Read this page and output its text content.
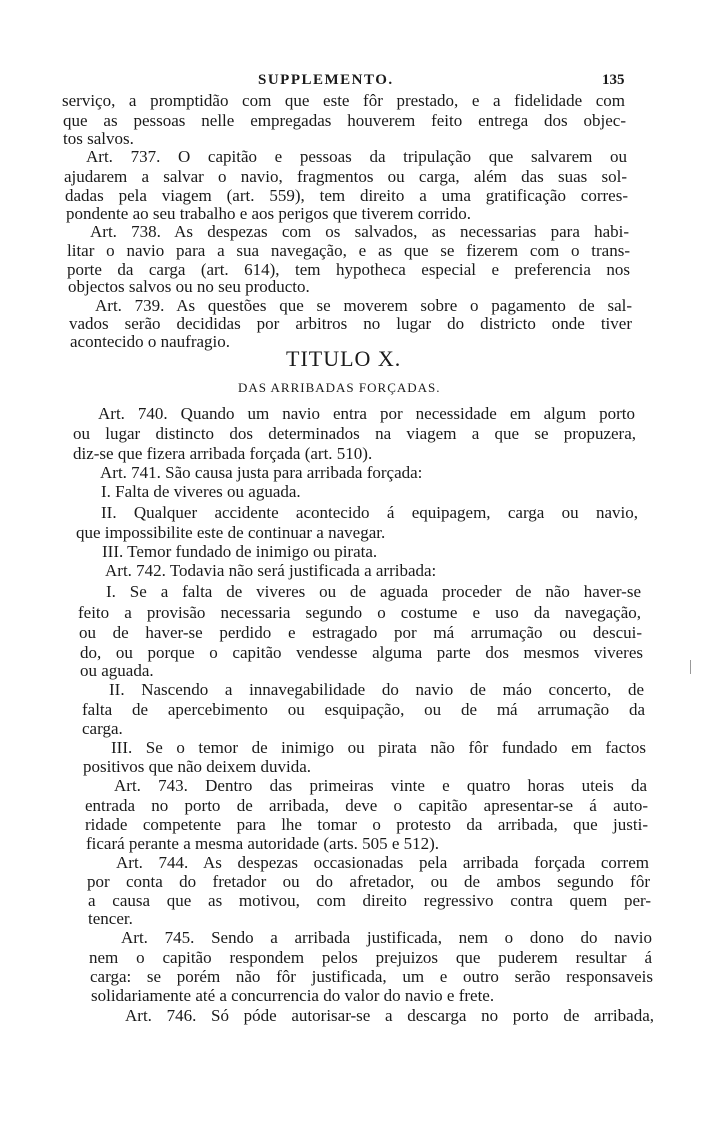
SUPPLEMENTO.	135
serviço, a promptidão com que este fôr prestado, e a fidelidade com
que as pessoas nelle empregadas houverem feito entrega dos objec-
tos salvos.
Art. 737. O capitão e pessoas da tripulação que salvarem ou
ajudarem a salvar o navio, fragmentos ou carga, além das suas sol-
dadas pela viagem (art. 559), tem direito a uma gratificação corres-
pondente ao seu trabalho e aos perigos que tiverem corrido.
Art. 738. As despezas com os salvados, as necessarias para habi-
litar o navio para a sua navegação, e as que se fizerem com o trans-
porte da carga (art. 614), tem hypotheca especial e preferencia nos
objectos salvos ou no seu producto.
Art. 739. As questões que se moverem sobre o pagamento de sal-
vados serão decididas por arbitros no lugar do districto onde tiver
acontecido o naufragio.
TITULO X.
DAS ARRIBADAS FORÇADAS.
Art. 740. Quando um navio entra por necessidade em algum porto
ou lugar distincto dos determinados na viagem a que se propuzera,
diz-se que fizera arribada forçada (art. 510).
Art. 741. São causa justa para arribada forçada:
I. Falta de viveres ou aguada.
II. Qualquer accidente acontecido á equipagem, carga ou navio,
que impossibilite este de continuar a navegar.
III. Temor fundado de inimigo ou pirata.
Art. 742. Todavia não será justificada a arribada:
I. Se a falta de viveres ou de aguada proceder de não haver-se
feito a provisão necessaria segundo o costume e uso da navegação,
ou de haver-se perdido e estragado por má arrumação ou descui-
do, ou porque o capitão vendesse alguma parte dos mesmos viveres
ou aguada.
II. Nascendo a innavegabilidade do navio de máo concerto, de
falta de apercebimento ou esquipação, ou de má arrumação da
carga.
III. Se o temor de inimigo ou pirata não fôr fundado em factos
positivos que não deixem duvida.
Art. 743. Dentro das primeiras vinte e quatro horas uteis da
entrada no porto de arribada, deve o capitão apresentar-se á auto-
ridade competente para lhe tomar o protesto da arribada, que justi-
ficará perante a mesma autoridade (arts. 505 e 512).
Art. 744. As despezas occasionadas pela arribada forçada correm
por conta do fretador ou do afretador, ou de ambos segundo fôr
a causa que as motivou, com direito regressivo contra quem per-
tencer.
Art. 745. Sendo a arribada justificada, nem o dono do navio
nem o capitão respondem pelos prejuizos que puderem resultar á
carga: se porém não fôr justificada, um e outro serão responsaveis
solidariamente até a concurrencia do valor do navio e frete.
Art. 746. Só póde autorisar-se a descarga no porto de arribada,
